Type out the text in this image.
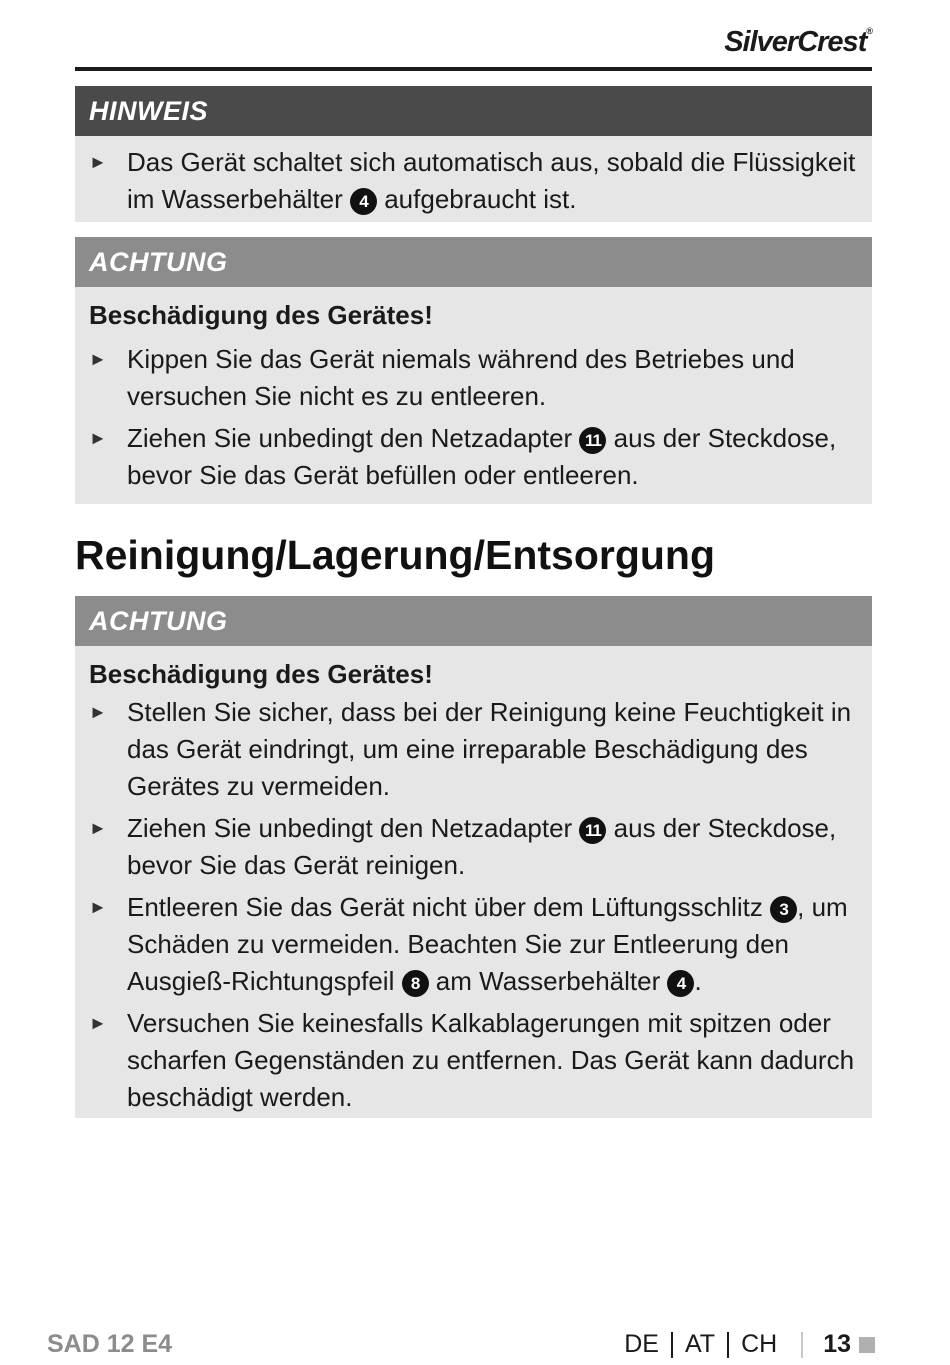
SilverCrest®
HINWEIS
► Das Gerät schaltet sich automatisch aus, sobald die Flüssigkeit im Wasserbehälter 4 aufgebraucht ist.
ACHTUNG
Beschädigung des Gerätes!
► Kippen Sie das Gerät niemals während des Betriebes und versuchen Sie nicht es zu entleeren.
► Ziehen Sie unbedingt den Netzadapter 11 aus der Steckdose, bevor Sie das Gerät befüllen oder entleeren.
Reinigung/Lagerung/Entsorgung
ACHTUNG
Beschädigung des Gerätes!
► Stellen Sie sicher, dass bei der Reinigung keine Feuchtigkeit in das Gerät eindringt, um eine irreparable Beschädigung des Gerätes zu vermeiden.
► Ziehen Sie unbedingt den Netzadapter 11 aus der Steckdose, bevor Sie das Gerät reinigen.
► Entleeren Sie das Gerät nicht über dem Lüftungsschlitz 3 , um Schäden zu vermeiden. Beachten Sie zur Entleerung den Ausgieß-Richtungspfeil 8 am Wasserbehälter 4 .
► Versuchen Sie keinesfalls Kalkablagerungen mit spitzen oder scharfen Gegenständen zu entfernen. Das Gerät kann dadurch beschädigt werden.
SAD 12 E4	DE AT CH 13
